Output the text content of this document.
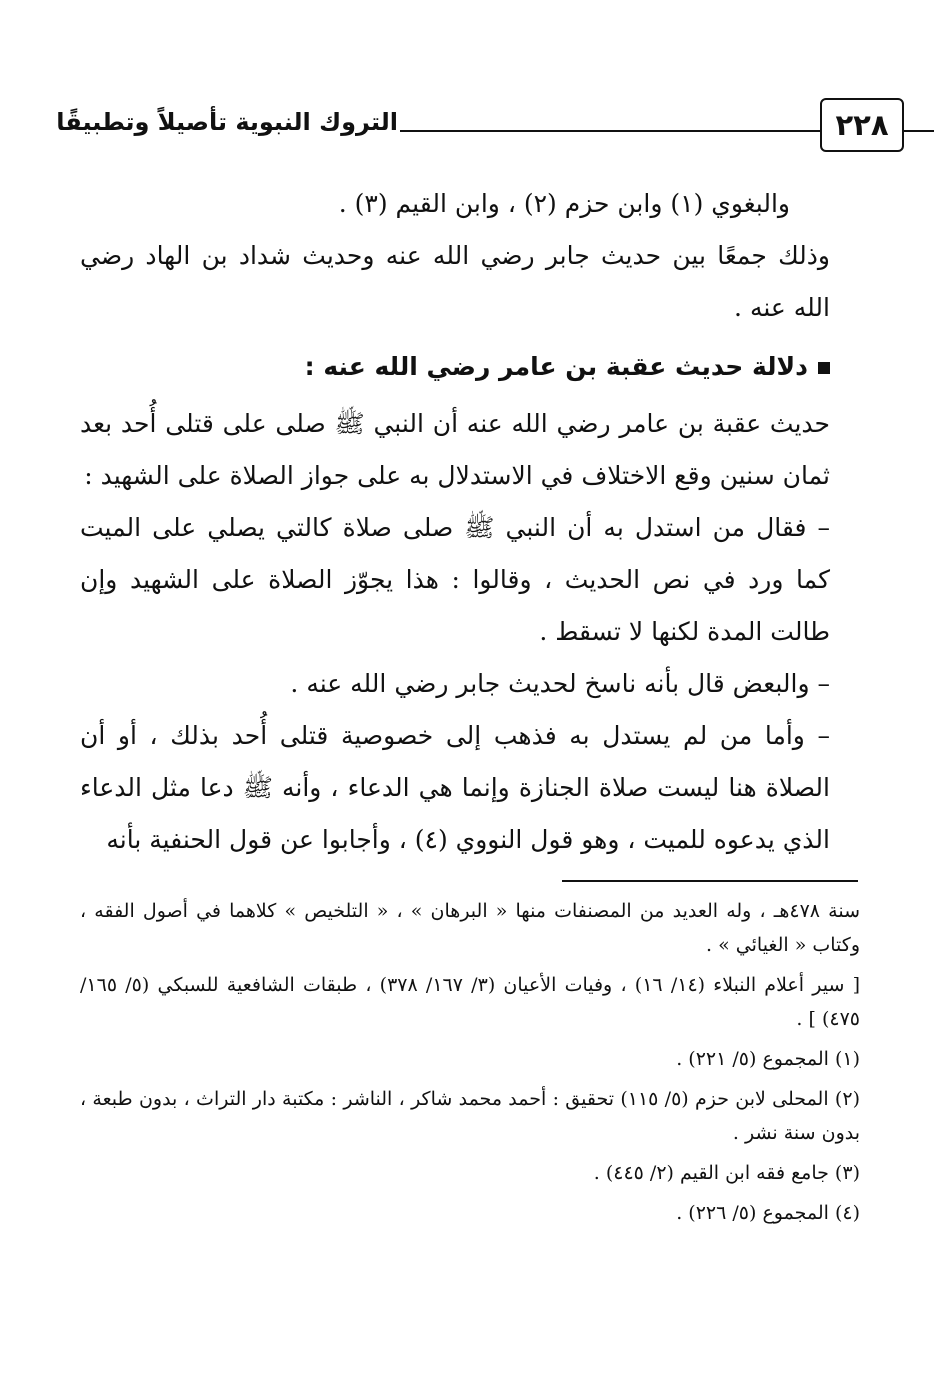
التروك النبوية تأصيلاً وتطبيقًا	٢٢٨

والبغوي (١) وابن حزم (٢) ، وابن القيم (٣) .

وذلك جمعًا بين حديث جابر رضي الله عنه وحديث شداد بن الهاد رضي الله عنه .

دلالة حديث عقبة بن عامر رضي الله عنه :

حديث عقبة بن عامر رضي الله عنه أن النبي ﷺ صلى على قتلى أُحد بعد ثمان سنين وقع الاختلاف في الاستدلال به على جواز الصلاة على الشهيد :

– فقال من استدل به أن النبي ﷺ صلى صلاة كالتي يصلي على الميت كما ورد في نص الحديث ، وقالوا : هذا يجوّز الصلاة على الشهيد وإن طالت المدة لكنها لا تسقط .

– والبعض قال بأنه ناسخ لحديث جابر رضي الله عنه .

– وأما من لم يستدل به فذهب إلى خصوصية قتلى أُحد بذلك ، أو أن الصلاة هنا ليست صلاة الجنازة وإنما هي الدعاء ، وأنه ﷺ دعا مثل الدعاء الذي يدعوه للميت ، وهو قول النووي (٤) ، وأجابوا عن قول الحنفية بأنه

سنة ٤٧٨هـ ، وله العديد من المصنفات منها « البرهان » ، « التلخيص » كلاهما في أصول الفقه ، وكتاب « الغيائي » .

[ سير أعلام النبلاء (١٤/ ١٦) ، وفيات الأعيان (٣/ ١٦٧/ ٣٧٨) ، طبقات الشافعية للسبكي (٥/ ١٦٥/ ٤٧٥) ] .

(١) المجموع (٥/ ٢٢١) .

(٢) المحلى لابن حزم (٥/ ١١٥) تحقيق : أحمد محمد شاكر ، الناشر : مكتبة دار التراث ، بدون طبعة ، بدون سنة نشر .

(٣) جامع فقه ابن القيم (٢/ ٤٤٥) .

(٤) المجموع (٥/ ٢٢٦) .
